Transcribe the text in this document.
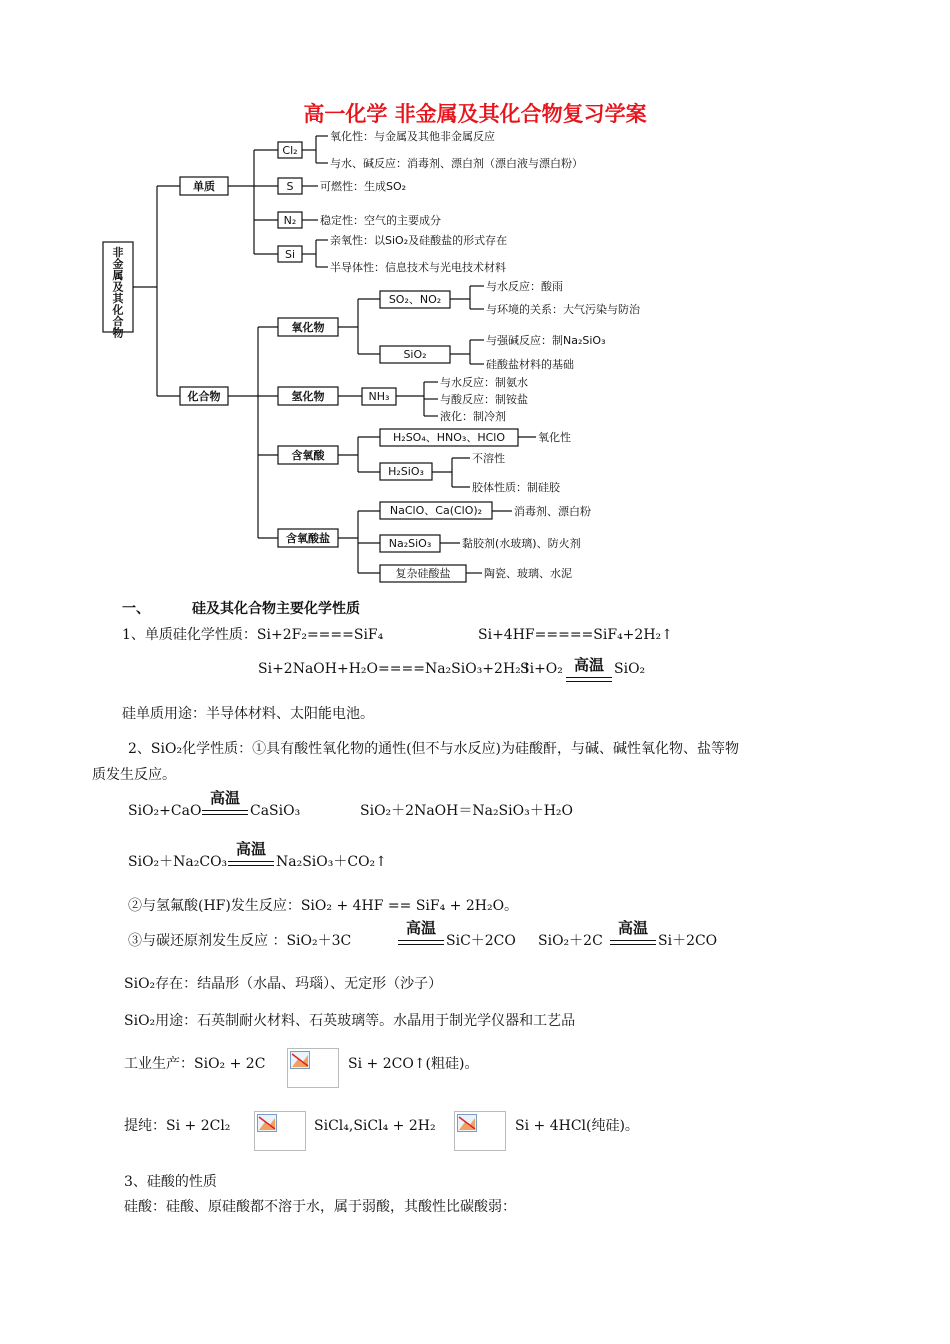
高一化学 非金属及其化合物复习学案
非金属及其化合物
单质
化合物
Cl₂
S
N₂
Si
氧化性：与金属及其他非金属反应
与水、碱反应：消毒剂、漂白剂（漂白液与漂白粉）
可燃性：生成SO₂
稳定性：空气的主要成分
亲氧性：以SiO₂及硅酸盐的形式存在
半导体性：信息技术与光电技术材料
氧化物
氢化物
含氧酸
含氧酸盐
SO₂、NO₂
SiO₂
与水反应：酸雨
与环境的关系：大气污染与防治
与强碱反应：制Na₂SiO₃
硅酸盐材料的基础
NH₃
与水反应：制氨水
与酸反应：制铵盐
液化：制冷剂
H₂SO₄、HNO₃、HClO	氧化性
H₂SiO₃
不溶性
胶体性质：制硅胶
NaClO、Ca(ClO)₂	消毒剂、漂白粉
Na₂SiO₃	黏胶剂(水玻璃)、防火剂
复杂硅酸盐	陶瓷、玻璃、水泥
一、	硅及其化合物主要化学性质
1、单质硅化学性质：Si+2F₂====SiF₄	Si+4HF=====SiF₄+2H₂↑
Si+2NaOH+H₂O====Na₂SiO₃+2H₂↑
Si+O₂ 高温 SiO₂
硅单质用途：半导体材料、太阳能电池。
2、SiO₂化学性质：①具有酸性氧化物的通性(但不与水反应)为硅酸酐，与碱、碱性氧化物、盐等物
质发生反应。
SiO₂+CaO
高温
CaSiO₃	SiO₂＋2NaOH＝Na₂SiO₃＋H₂O
SiO₂＋Na₂CO₃
高温
Na₂SiO₃＋CO₂↑
②与氢氟酸(HF)发生反应：SiO₂ + 4HF == SiF₄ + 2H₂O。
③与碳还原剂发生反应 ：SiO₂＋3C
高温
SiC＋2CO SiO₂＋2C
高温
Si＋2CO
SiO₂存在：结晶形（水晶、玛瑙）、无定形（沙子）
SiO₂用途：石英制耐火材料、石英玻璃等。水晶用于制光学仪器和工艺品
工业生产：SiO₂ + 2C	Si + 2CO↑(粗硅)。
提纯：Si + 2Cl₂	SiCl₄,SiCl₄ + 2H₂	Si + 4HCl(纯硅)。
3、硅酸的性质
硅酸：硅酸、原硅酸都不溶于水，属于弱酸，其酸性比碳酸弱：
